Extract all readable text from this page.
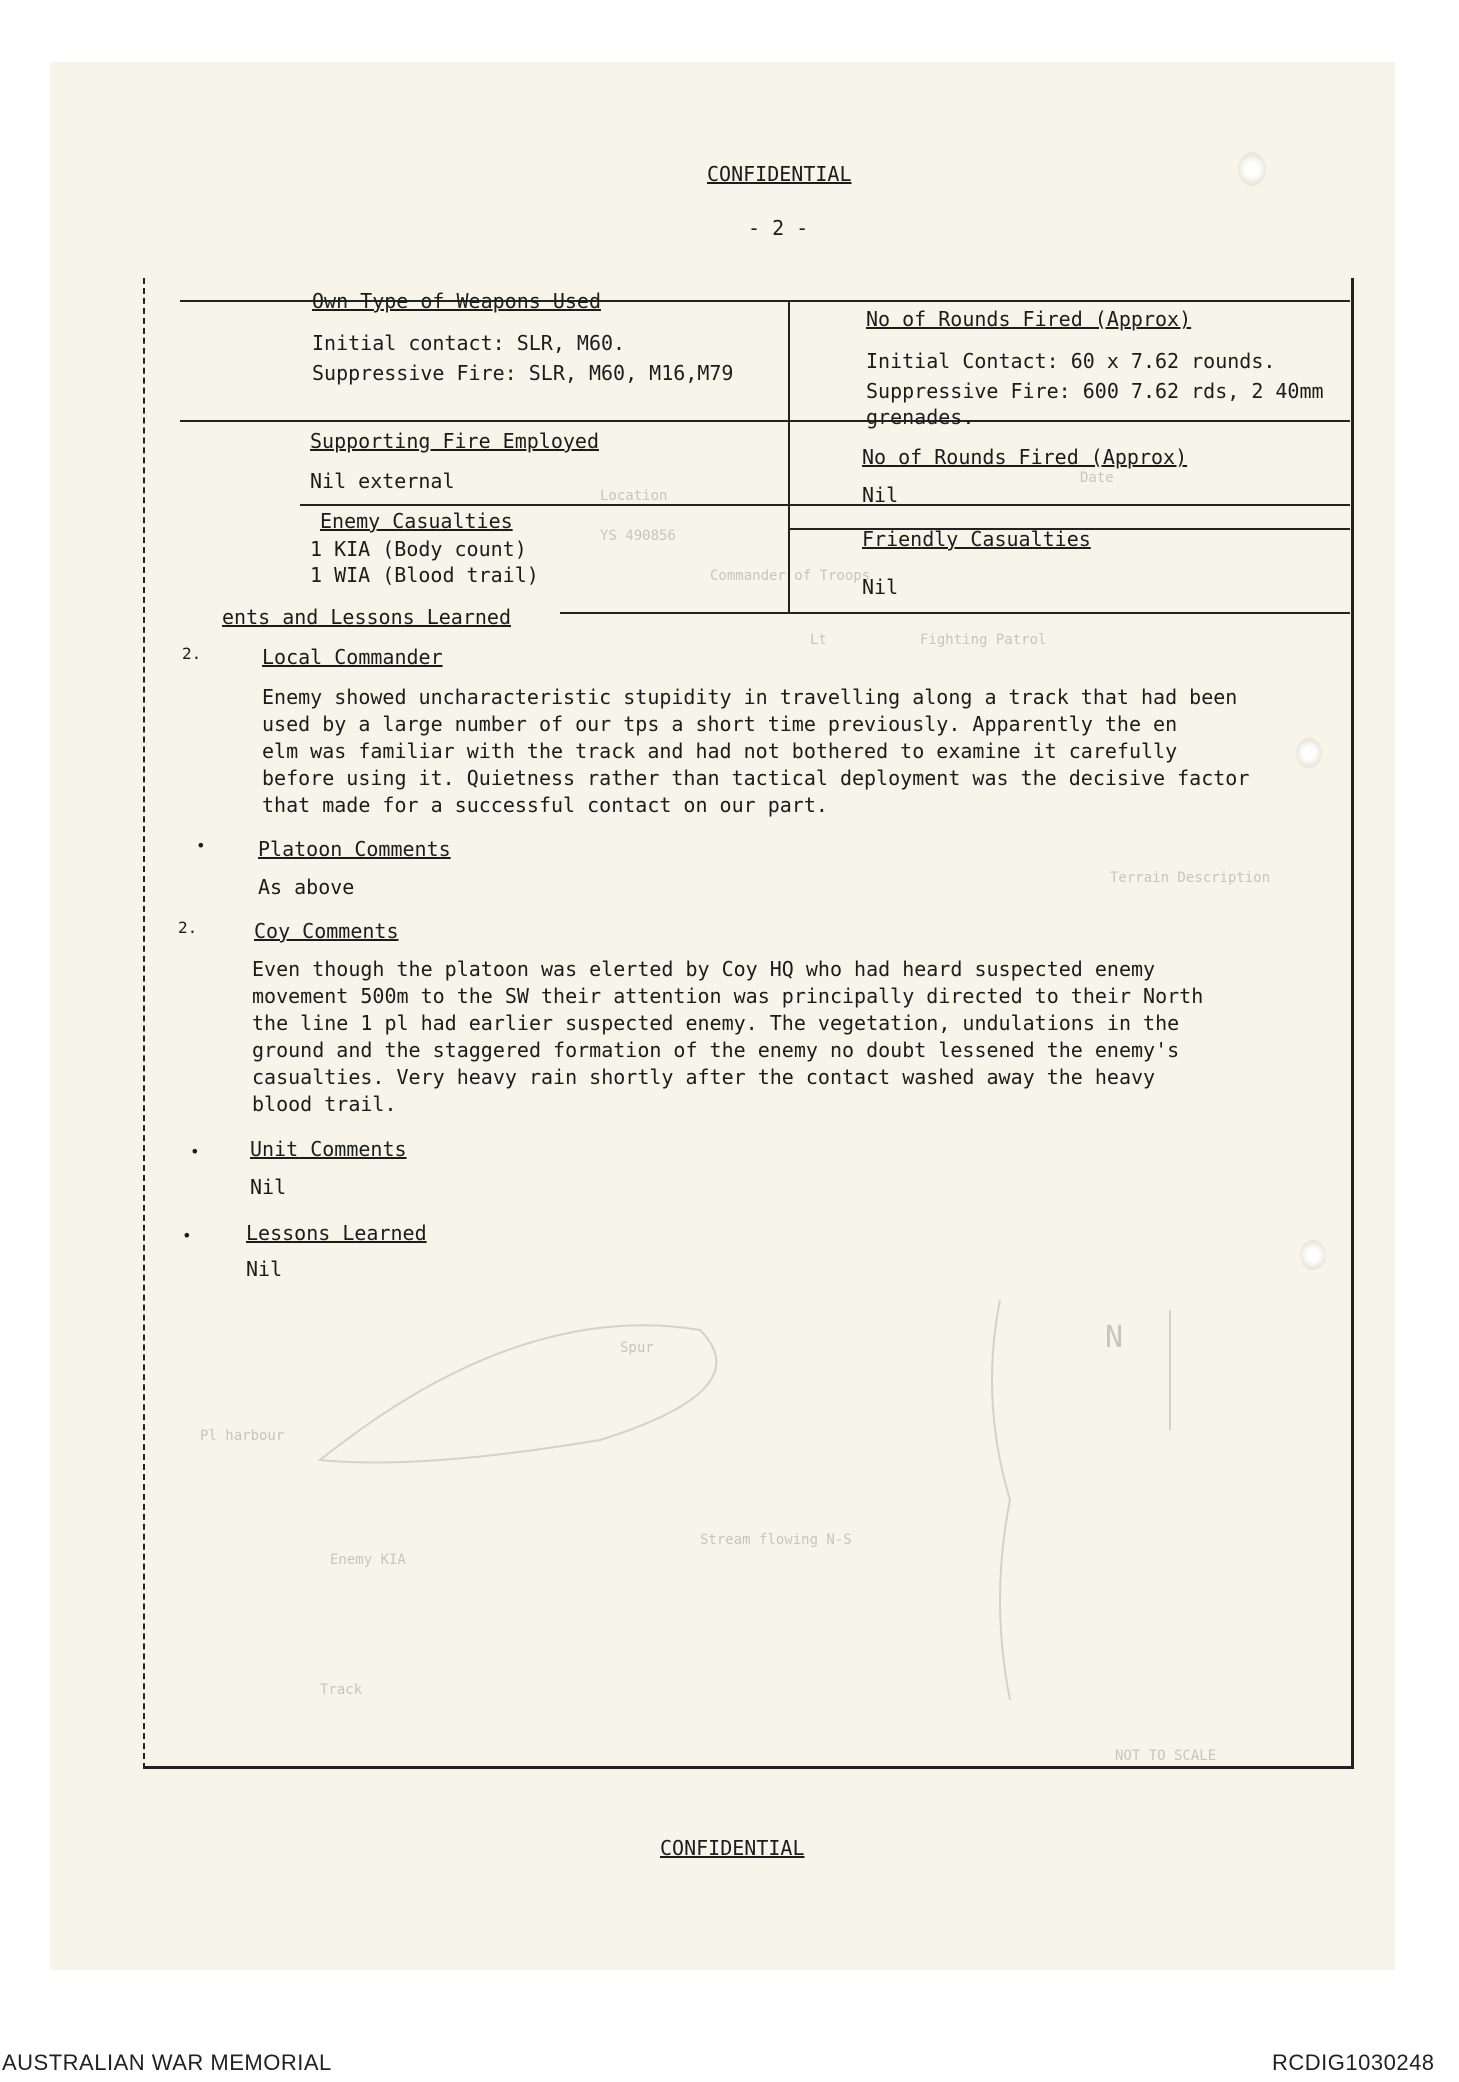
Date
Location
YS 490856
Commander of Troops
Fighting Patrol
Lt
Terrain Description
Spur
Pl harbour
Enemy KIA
Stream flowing N-S
Track
NOT TO SCALE
N
CONFIDENTIAL
- 2 -
Own Type of Weapons Used
Initial contact: SLR, M60.
Suppressive Fire: SLR, M60, M16,M79
No of Rounds Fired (Approx)
Initial Contact: 60 x 7.62 rounds.
Suppressive Fire: 600 7.62 rds, 2 40mm
grenades.
Supporting Fire Employed
Nil external
No of Rounds Fired (Approx)
Nil
Enemy Casualties
1 KIA (Body count)
1 WIA (Blood trail)
Friendly Casualties
Nil
ents and Lessons Learned
2.	Local Commander
Enemy showed uncharacteristic stupidity in travelling along a track that had been
used by a large number of our tps a short time previously. Apparently the en
elm was familiar with the track and had not bothered to examine it carefully
before using it. Quietness rather than tactical deployment was the decisive factor
that made for a successful contact on our part.
•	Platoon Comments
As above
2.	Coy Comments
Even though the platoon was elerted by Coy HQ who had heard suspected enemy
movement 500m to the SW their attention was principally directed to their North
the line 1 pl had earlier suspected enemy. The vegetation, undulations in the
ground and the staggered formation of the enemy no doubt lessened the enemy's
casualties. Very heavy rain shortly after the contact washed away the heavy
blood trail.
•	Unit Comments
Nil
•	Lessons Learned
Nil
CONFIDENTIAL
AUSTRALIAN WAR MEMORIAL	RCDIG1030248
